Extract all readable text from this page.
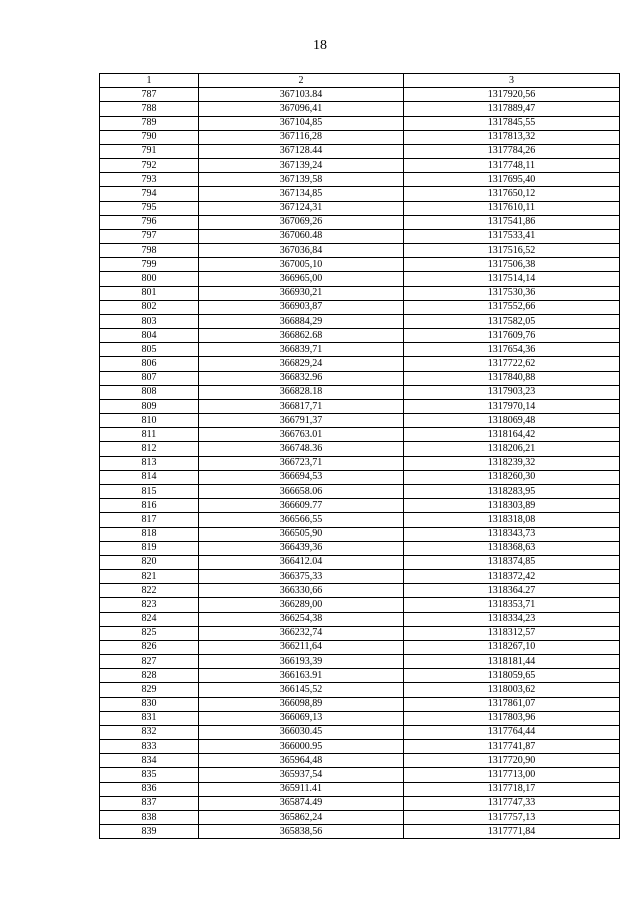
18
1	2	3
787	367103.84	1317920,56
788	367096,41	1317889,47
789	367104,85	1317845,55
790	367116,28	1317813,32
791	367128.44	1317784,26
792	367139,24	1317748,11
793	367139,58	1317695,40
794	367134,85	1317650,12
795	367124,31	1317610,11
796	367069,26	1317541,86
797	367060.48	1317533,41
798	367036,84	1317516,52
799	367005,10	1317506,38
800	366965,00	1317514,14
801	366930,21	1317530,36
802	366903,87	1317552,66
803	366884,29	1317582,05
804	366862.68	1317609,76
805	366839,71	1317654,36
806	366829,24	1317722,62
807	366832.96	1317840,88
808	366828.18	1317903,23
809	366817,71	1317970,14
810	366791,37	1318069,48
811	366763.01	1318164,42
812	366748.36	1318206,21
813	366723,71	1318239,32
814	366694,53	1318260,30
815	366658.06	1318283,95
816	366609.77	1318303,89
817	366566,55	1318318,08
818	366505,90	1318343,73
819	366439,36	1318368,63
820	366412.04	1318374,85
821	366375,33	1318372,42
822	366330,66	1318364.27
823	366289,00	1318353,71
824	366254,38	1318334,23
825	366232,74	1318312,57
826	366211,64	1318267,10
827	366193,39	1318181,44
828	366163.91	1318059,65
829	366145,52	1318003,62
830	366098,89	1317861,07
831	366069,13	1317803,96
832	366030.45	1317764,44
833	366000.95	1317741,87
834	365964,48	1317720,90
835	365937,54	1317713,00
836	365911.41	1317718,17
837	365874.49	1317747,33
838	365862,24	1317757,13
839	365838,56	1317771,84
